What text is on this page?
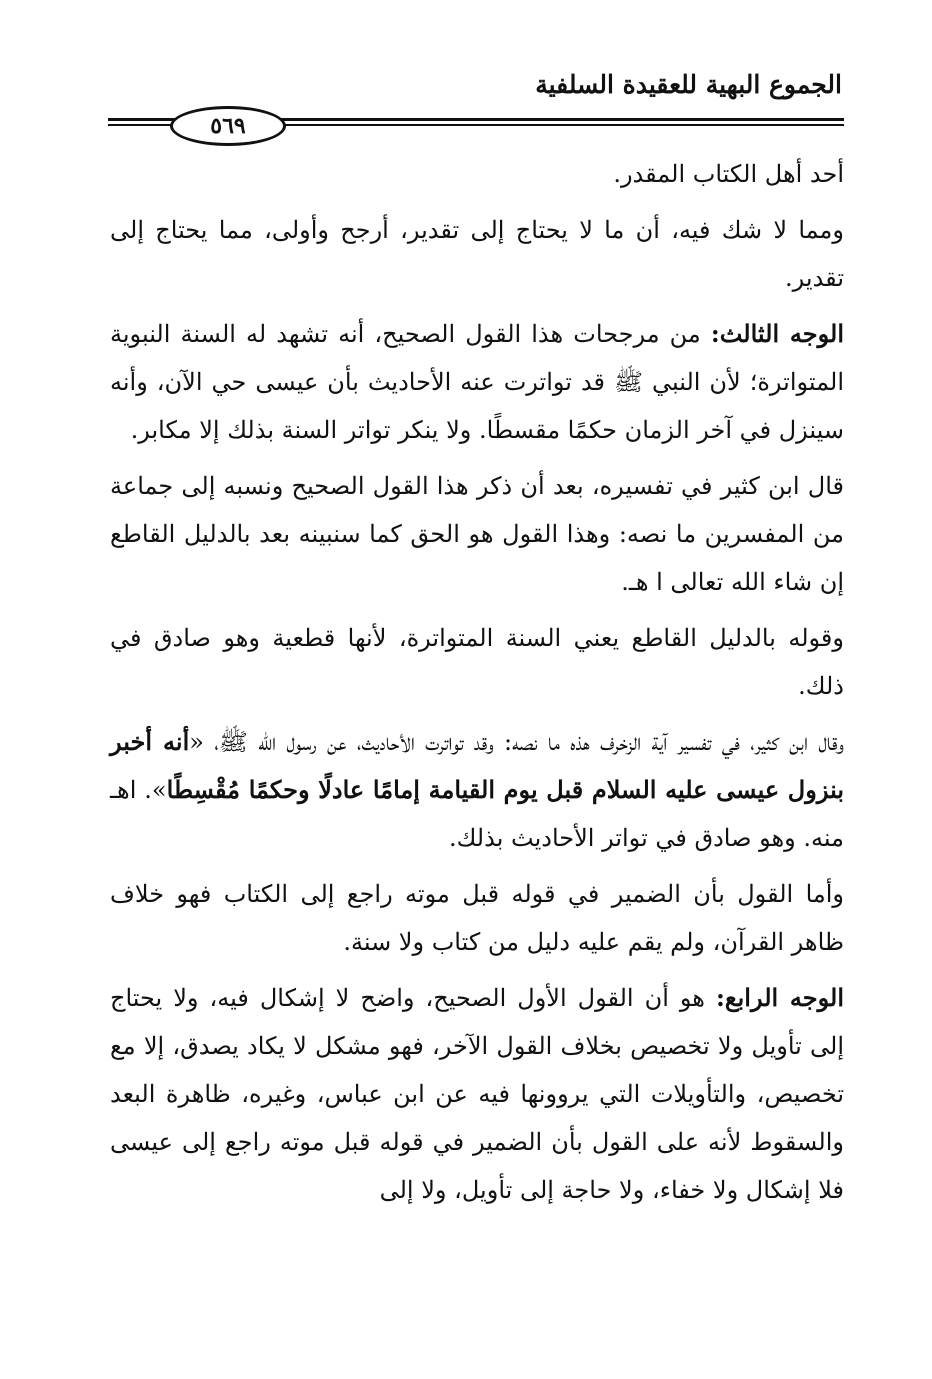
الجموع البهية للعقيدة السلفية
٥٦٩

أحد أهل الكتاب المقدر.

ومما لا شك فيه، أن ما لا يحتاج إلى تقدير، أرجح وأولى، مما يحتاج إلى تقدير.

الوجه الثالث: من مرجحات هذا القول الصحيح، أنه تشهد له السنة النبوية المتواترة؛ لأن النبي ﷺ قد تواترت عنه الأحاديث بأن عيسى حي الآن، وأنه سينزل في آخر الزمان حكمًا مقسطًا. ولا ينكر تواتر السنة بذلك إلا مكابر.

قال ابن كثير في تفسيره، بعد أن ذكر هذا القول الصحيح ونسبه إلى جماعة من المفسرين ما نصه: وهذا القول هو الحق كما سنبينه بعد بالدليل القاطع إن شاء الله تعالى ا هـ.

وقوله بالدليل القاطع يعني السنة المتواترة، لأنها قطعية وهو صادق في ذلك.

وقال ابن كثير، في تفسير آية الزخرف هذه ما نصه: وقد تواترت الأحاديث، عن رسول الله ﷺ، «أنه أخبر بنزول عيسى عليه السلام قبل يوم القيامة إمامًا عادلًا وحكمًا مُقْسِطًا». اهـ منه. وهو صادق في تواتر الأحاديث بذلك.

وأما القول بأن الضمير في قوله قبل موته راجع إلى الكتاب فهو خلاف ظاهر القرآن، ولم يقم عليه دليل من كتاب ولا سنة.

الوجه الرابع: هو أن القول الأول الصحيح، واضح لا إشكال فيه، ولا يحتاج إلى تأويل ولا تخصيص بخلاف القول الآخر، فهو مشكل لا يكاد يصدق، إلا مع تخصيص، والتأويلات التي يروونها فيه عن ابن عباس، وغيره، ظاهرة البعد والسقوط لأنه على القول بأن الضمير في قوله قبل موته راجع إلى عيسى فلا إشكال ولا خفاء، ولا حاجة إلى تأويل، ولا إلى
